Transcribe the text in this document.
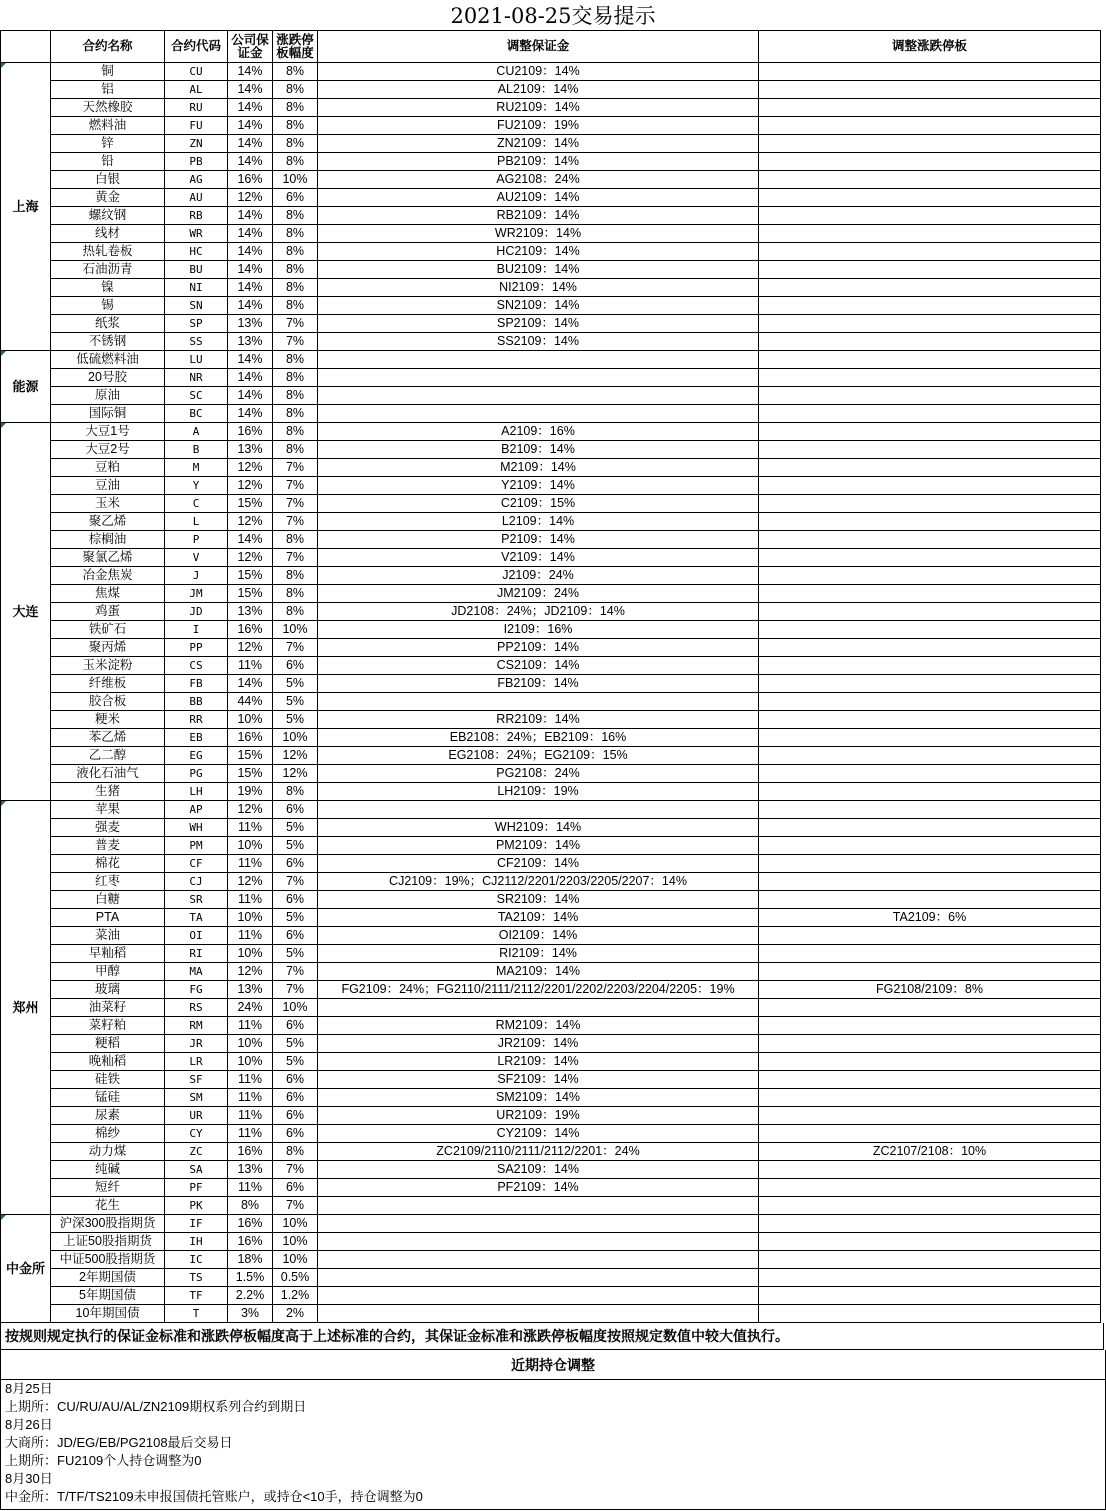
2021-08-25交易提示
	合约名称	合约代码	公司保证金	涨跌停板幅度	调整保证金	调整涨跌停板
上海	铜	CU	14%	8%	CU2109：14%	
	铝	AL	14%	8%	AL2109：14%	
	天然橡胶	RU	14%	8%	RU2109：14%	
	燃料油	FU	14%	8%	FU2109：19%	
	锌	ZN	14%	8%	ZN2109：14%	
	铅	PB	14%	8%	PB2109：14%	
	白银	AG	16%	10%	AG2108：24%	
	黄金	AU	12%	6%	AU2109：14%	
	螺纹钢	RB	14%	8%	RB2109：14%	
	线材	WR	14%	8%	WR2109：14%	
	热轧卷板	HC	14%	8%	HC2109：14%	
	石油沥青	BU	14%	8%	BU2109：14%	
	镍	NI	14%	8%	NI2109：14%	
	锡	SN	14%	8%	SN2109：14%	
	纸浆	SP	13%	7%	SP2109：14%	
	不锈钢	SS	13%	7%	SS2109：14%	
能源	低硫燃料油	LU	14%	8%		
	20号胶	NR	14%	8%		
	原油	SC	14%	8%		
	国际铜	BC	14%	8%		
大连	大豆1号	A	16%	8%	A2109：16%	
	大豆2号	B	13%	8%	B2109：14%	
	豆粕	M	12%	7%	M2109：14%	
	豆油	Y	12%	7%	Y2109：14%	
	玉米	C	15%	7%	C2109：15%	
	聚乙烯	L	12%	7%	L2109：14%	
	棕榈油	P	14%	8%	P2109：14%	
	聚氯乙烯	V	12%	7%	V2109：14%	
	冶金焦炭	J	15%	8%	J2109：24%	
	焦煤	JM	15%	8%	JM2109：24%	
	鸡蛋	JD	13%	8%	JD2108：24%；JD2109：14%	
	铁矿石	I	16%	10%	I2109：16%	
	聚丙烯	PP	12%	7%	PP2109：14%	
	玉米淀粉	CS	11%	6%	CS2109：14%	
	纤维板	FB	14%	5%	FB2109：14%	
	胶合板	BB	44%	5%		
	粳米	RR	10%	5%	RR2109：14%	
	苯乙烯	EB	16%	10%	EB2108：24%；EB2109：16%	
	乙二醇	EG	15%	12%	EG2108：24%；EG2109：15%	
	液化石油气	PG	15%	12%	PG2108：24%	
	生猪	LH	19%	8%	LH2109：19%	
郑州	苹果	AP	12%	6%		
	强麦	WH	11%	5%	WH2109：14%	
	普麦	PM	10%	5%	PM2109：14%	
	棉花	CF	11%	6%	CF2109：14%	
	红枣	CJ	12%	7%	CJ2109：19%；CJ2112/2201/2203/2205/2207：14%	
	白糖	SR	11%	6%	SR2109：14%	
	PTA	TA	10%	5%	TA2109：14%	TA2109：6%
	菜油	OI	11%	6%	OI2109：14%	
	早籼稻	RI	10%	5%	RI2109：14%	
	甲醇	MA	12%	7%	MA2109：14%	
	玻璃	FG	13%	7%	FG2109：24%；FG2110/2111/2112/2201/2202/2203/2204/2205：19%	FG2108/2109：8%
	油菜籽	RS	24%	10%		
	菜籽粕	RM	11%	6%	RM2109：14%	
	粳稻	JR	10%	5%	JR2109：14%	
	晚籼稻	LR	10%	5%	LR2109：14%	
	硅铁	SF	11%	6%	SF2109：14%	
	锰硅	SM	11%	6%	SM2109：14%	
	尿素	UR	11%	6%	UR2109：19%	
	棉纱	CY	11%	6%	CY2109：14%	
	动力煤	ZC	16%	8%	ZC2109/2110/2111/2112/2201：24%	ZC2107/2108：10%
	纯碱	SA	13%	7%	SA2109：14%	
	短纤	PF	11%	6%	PF2109：14%	
	花生	PK	8%	7%		
中金所	沪深300股指期货	IF	16%	10%		
	上证50股指期货	IH	16%	10%		
	中证500股指期货	IC	18%	10%		
	2年期国债	TS	1.5%	0.5%		
	5年期国债	TF	2.2%	1.2%		
	10年期国债	T	3%	2%		
按规则规定执行的保证金标准和涨跌停板幅度高于上述标准的合约，其保证金标准和涨跌停板幅度按照规定数值中较大值执行。
近期持仓调整
8月25日
上期所：CU/RU/AU/AL/ZN2109期权系列合约到期日
8月26日
大商所：JD/EG/EB/PG2108最后交易日
上期所：FU2109个人持仓调整为0
8月30日
中金所：T/TF/TS2109未申报国债托管账户，或持仓<10手，持仓调整为0
